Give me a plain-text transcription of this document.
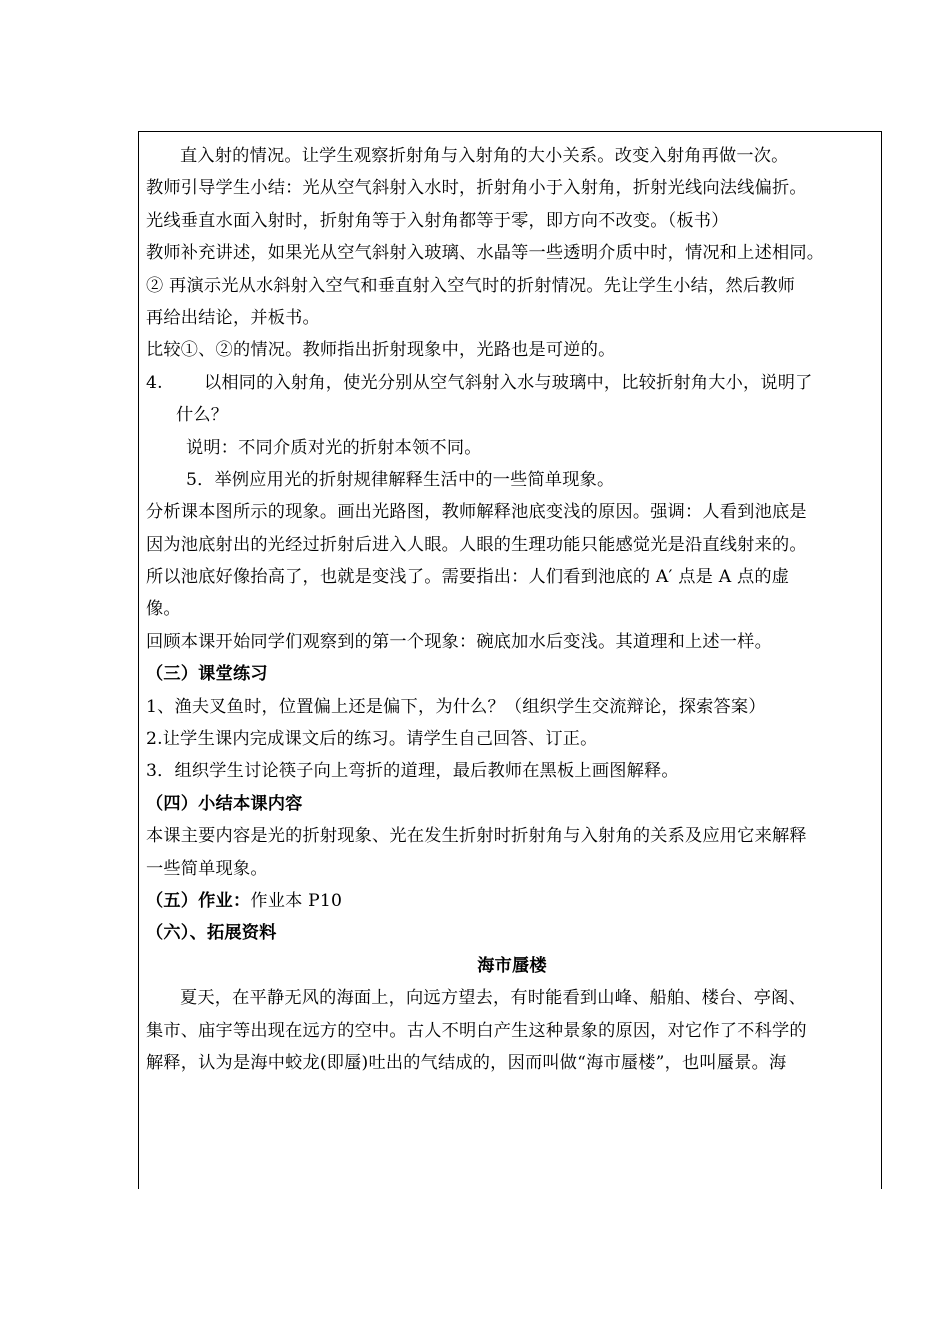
直入射的情况。让学生观察折射角与入射角的大小关系。改变入射角再做一次。
教师引导学生小结：光从空气斜射入水时，折射角小于入射角，折射光线向法线偏折。
光线垂直水面入射时，折射角等于入射角都等于零，即方向不改变。（板书）
教师补充讲述，如果光从空气斜射入玻璃、水晶等一些透明介质中时，情况和上述相同。
② 再演示光从水斜射入空气和垂直射入空气时的折射情况。先让学生小结，然后教师
再给出结论，并板书。
比较①、②的情况。教师指出折射现象中，光路也是可逆的。
4. 以相同的入射角，使光分别从空气斜射入水与玻璃中，比较折射角大小，说明了
什么？
说明：不同介质对光的折射本领不同。
5．举例应用光的折射规律解释生活中的一些简单现象。
分析课本图所示的现象。画出光路图，教师解释池底变浅的原因。强调：人看到池底是
因为池底射出的光经过折射后进入人眼。人眼的生理功能只能感觉光是沿直线射来的。
所以池底好像抬高了，也就是变浅了。需要指出：人们看到池底的 A′ 点是 A 点的虚
像。
回顾本课开始同学们观察到的第一个现象：碗底加水后变浅。其道理和上述一样。
（三）课堂练习
1、渔夫叉鱼时，位置偏上还是偏下，为什么？（组织学生交流辩论，探索答案）
2.让学生课内完成课文后的练习。请学生自己回答、订正。
3．组织学生讨论筷子向上弯折的道理，最后教师在黑板上画图解释。
（四）小结本课内容
本课主要内容是光的折射现象、光在发生折射时折射角与入射角的关系及应用它来解释
一些简单现象。
（五）作业：作业本 P10
（六）、拓展资料
海市蜃楼
夏天，在平静无风的海面上，向远方望去，有时能看到山峰、船舶、楼台、亭阁、
集市、庙宇等出现在远方的空中。古人不明白产生这种景象的原因，对它作了不科学的
解释，认为是海中蛟龙(即蜃)吐出的气结成的，因而叫做“海市蜃楼”，也叫蜃景。海
